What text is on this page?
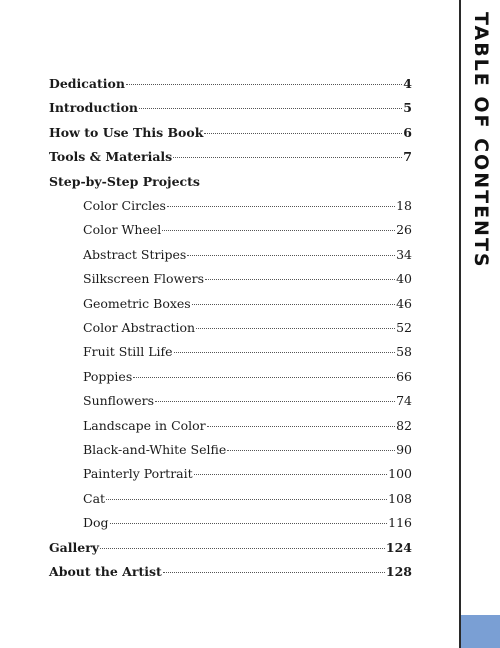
TABLE OF CONTENTS
Dedication	4
Introduction	5
How to Use This Book	6
Tools & Materials	7
Step-by-Step Projects
Color Circles	18
Color Wheel	26
Abstract Stripes	34
Silkscreen Flowers	40
Geometric Boxes	46
Color Abstraction	52
Fruit Still Life	58
Poppies	66
Sunflowers	74
Landscape in Color	82
Black-and-White Selfie	90
Painterly Portrait	100
Cat	108
Dog	116
Gallery	124
About the Artist	128
